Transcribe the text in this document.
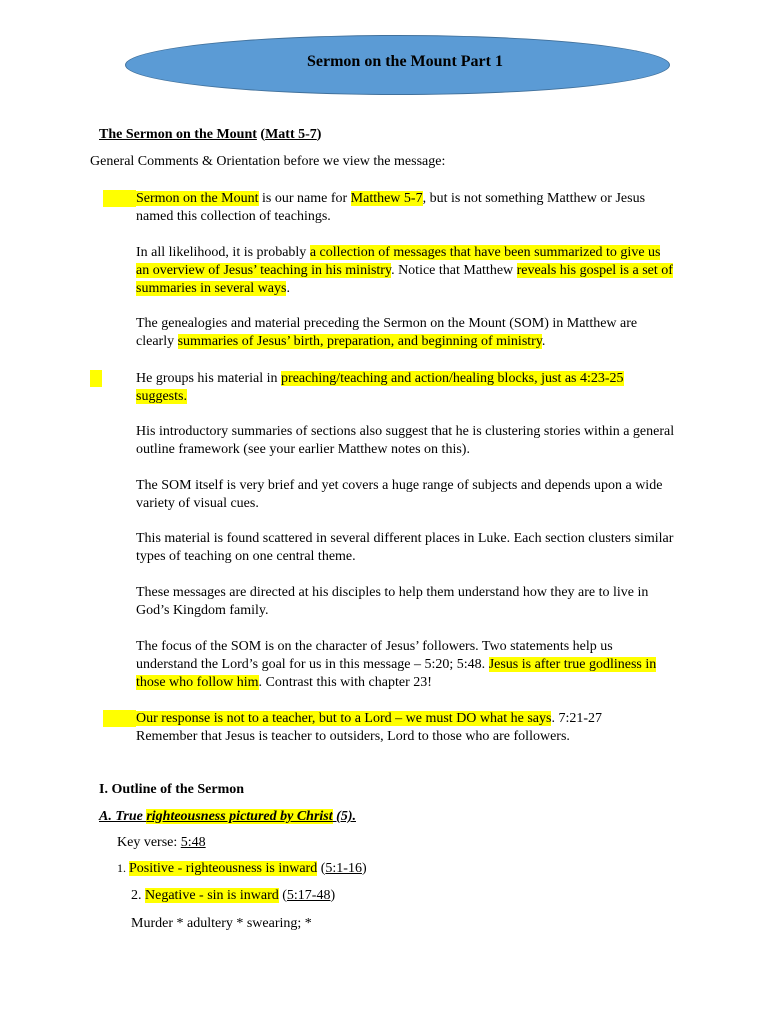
Sermon on the Mount Part 1
The Sermon on the Mount (Matt 5-7)
General Comments & Orientation before we view the message:
Sermon on the Mount is our name for Matthew 5-7, but is not something Matthew or Jesus named this collection of teachings.
In all likelihood, it is probably a collection of messages that have been summarized to give us an overview of Jesus’ teaching in his ministry. Notice that Matthew reveals his gospel is a set of summaries in several ways.
The genealogies and material preceding the Sermon on the Mount (SOM) in Matthew are clearly summaries of Jesus’ birth, preparation, and beginning of ministry.
He groups his material in preaching/teaching and action/healing blocks, just as 4:23-25 suggests.
His introductory summaries of sections also suggest that he is clustering stories within a general outline framework (see your earlier Matthew notes on this).
The SOM itself is very brief and yet covers a huge range of subjects and depends upon a wide variety of visual cues.
This material is found scattered in several different places in Luke. Each section clusters similar types of teaching on one central theme.
These messages are directed at his disciples to help them understand how they are to live in God’s Kingdom family.
The focus of the SOM is on the character of Jesus’ followers. Two statements help us understand the Lord’s goal for us in this message – 5:20; 5:48. Jesus is after true godliness in those who follow him. Contrast this with chapter 23!
Our response is not to a teacher, but to a Lord – we must DO what he says. 7:21-27
Remember that Jesus is teacher to outsiders, Lord to those who are followers.
I. Outline of the Sermon
A. True righteousness pictured by Christ (5).
Key verse: 5:48
1. Positive - righteousness is inward (5:1-16)
2. Negative - sin is inward (5:17-48)
Murder * adultery * swearing; *
